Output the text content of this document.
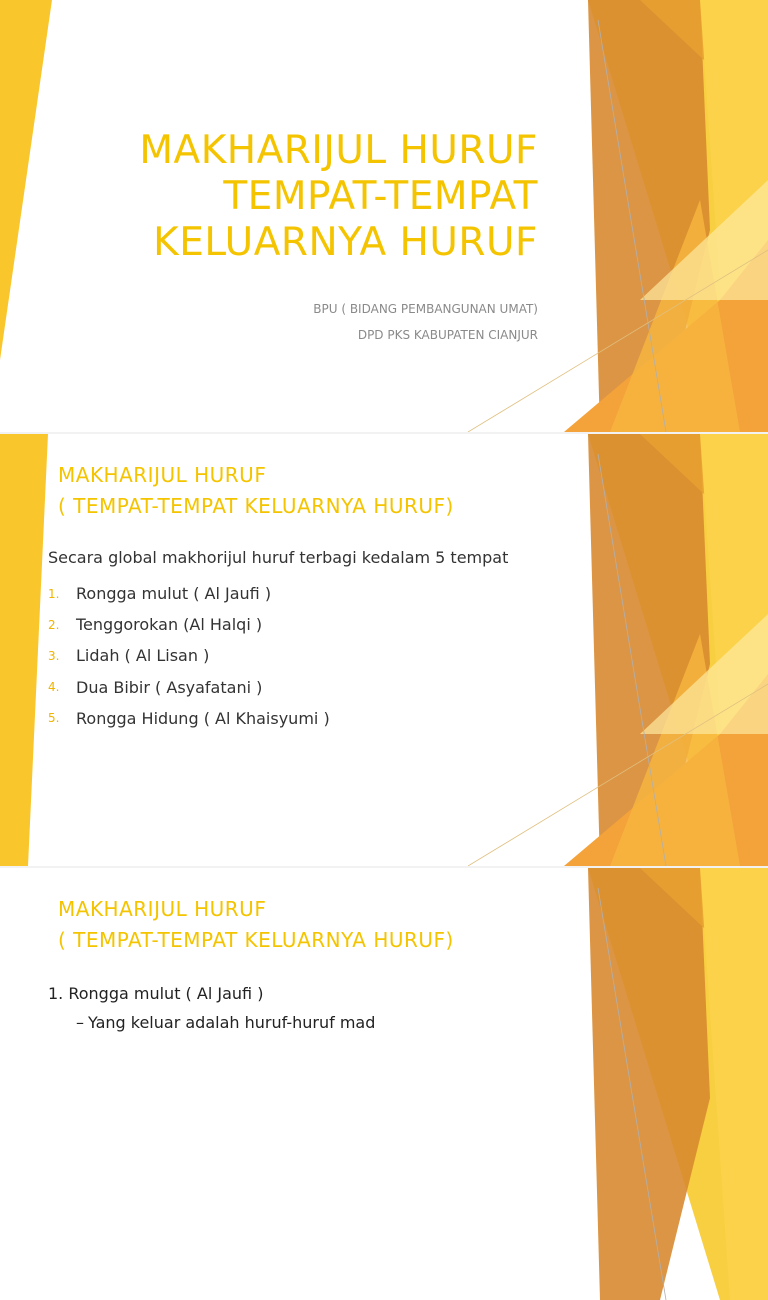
MAKHARIJUL HURUF
TEMPAT-TEMPAT
KELUARNYA HURUF
BPU ( BIDANG PEMBANGUNAN UMAT)
DPD PKS KABUPATEN CIANJUR
MAKHARIJUL HURUF
( TEMPAT-TEMPAT KELUARNYA HURUF)
Secara global makhorijul huruf terbagi kedalam 5 tempat
1.	Rongga mulut ( Al Jaufi )
2.	Tenggorokan (Al Halqi )
3.	Lidah ( Al Lisan )
4.	Dua Bibir ( Asyafatani )
5.	Rongga Hidung ( Al Khaisyumi )
MAKHARIJUL HURUF
( TEMPAT-TEMPAT KELUARNYA HURUF)
1. Rongga mulut ( Al Jaufi )
– Yang keluar adalah huruf-huruf mad
